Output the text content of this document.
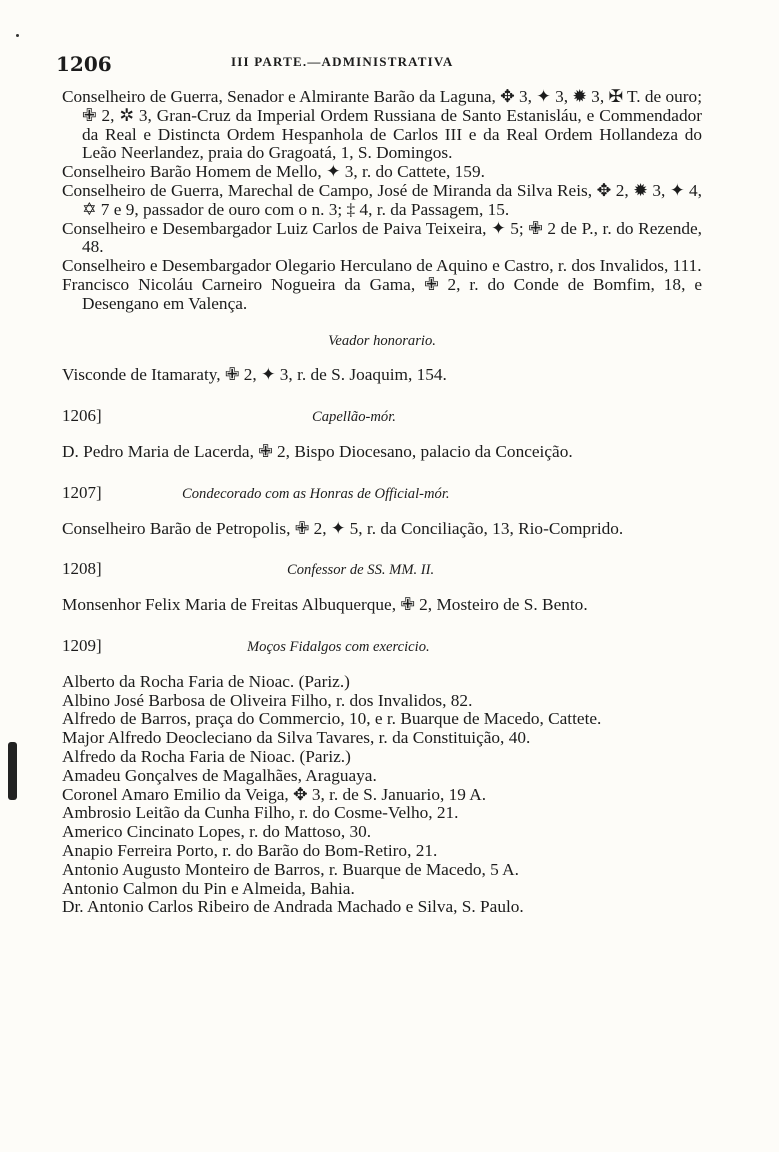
1206	III PARTE.—ADMINISTRATIVA

Conselheiro de Guerra, Senador e Almirante Barão da Laguna, ✥ 3, ✦ 3, ✹ 3, ✠ T. de ouro; ✙ 2, ✲ 3, Gran-Cruz da Imperial Ordem Russiana de Santo Estanisláu, e Commendador da Real e Distincta Ordem Hespanhola de Carlos III e da Real Ordem Hollandeza do Leão Neerlandez, praia do Gragoatá, 1, S. Domingos.

Conselheiro Barão Homem de Mello, ✦ 3, r. do Cattete, 159.

Conselheiro de Guerra, Marechal de Campo, José de Miranda da Silva Reis, ✥ 2, ✹ 3, ✦ 4, ✡ 7 e 9, passador de ouro com o n. 3; ‡ 4, r. da Passagem, 15.

Conselheiro e Desembargador Luiz Carlos de Paiva Teixeira, ✦ 5; ✙ 2 de P., r. do Rezende, 48.

Conselheiro e Desembargador Olegario Herculano de Aquino e Castro, r. dos Invalidos, 111.

Francisco Nicoláu Carneiro Nogueira da Gama, ✙ 2, r. do Conde de Bomfim, 18, e Desengano em Valença.

Veador honorario.

Visconde de Itamaraty, ✙ 2, ✦ 3, r. de S. Joaquim, 154.

1206]	Capellão-mór.

D. Pedro Maria de Lacerda, ✙ 2, Bispo Diocesano, palacio da Conceição.

1207]	Condecorado com as Honras de Official-mór.

Conselheiro Barão de Petropolis, ✙ 2, ✦ 5, r. da Conciliação, 13, Rio-Comprido.

1208]	Confessor de SS. MM. II.

Monsenhor Felix Maria de Freitas Albuquerque, ✙ 2, Mosteiro de S. Bento.

1209]	Moços Fidalgos com exercicio.

Alberto da Rocha Faria de Nioac. (Pariz.)

Albino José Barbosa de Oliveira Filho, r. dos Invalidos, 82.

Alfredo de Barros, praça do Commercio, 10, e r. Buarque de Macedo, Cattete.

Major Alfredo Deocleciano da Silva Tavares, r. da Constituição, 40.

Alfredo da Rocha Faria de Nioac. (Pariz.)

Amadeu Gonçalves de Magalhães, Araguaya.

Coronel Amaro Emilio da Veiga, ✥ 3, r. de S. Januario, 19 A.

Ambrosio Leitão da Cunha Filho, r. do Cosme-Velho, 21.

Americo Cincinato Lopes, r. do Mattoso, 30.

Anapio Ferreira Porto, r. do Barão do Bom-Retiro, 21.

Antonio Augusto Monteiro de Barros, r. Buarque de Macedo, 5 A.

Antonio Calmon du Pin e Almeida, Bahia.

Dr. Antonio Carlos Ribeiro de Andrada Machado e Silva, S. Paulo.
